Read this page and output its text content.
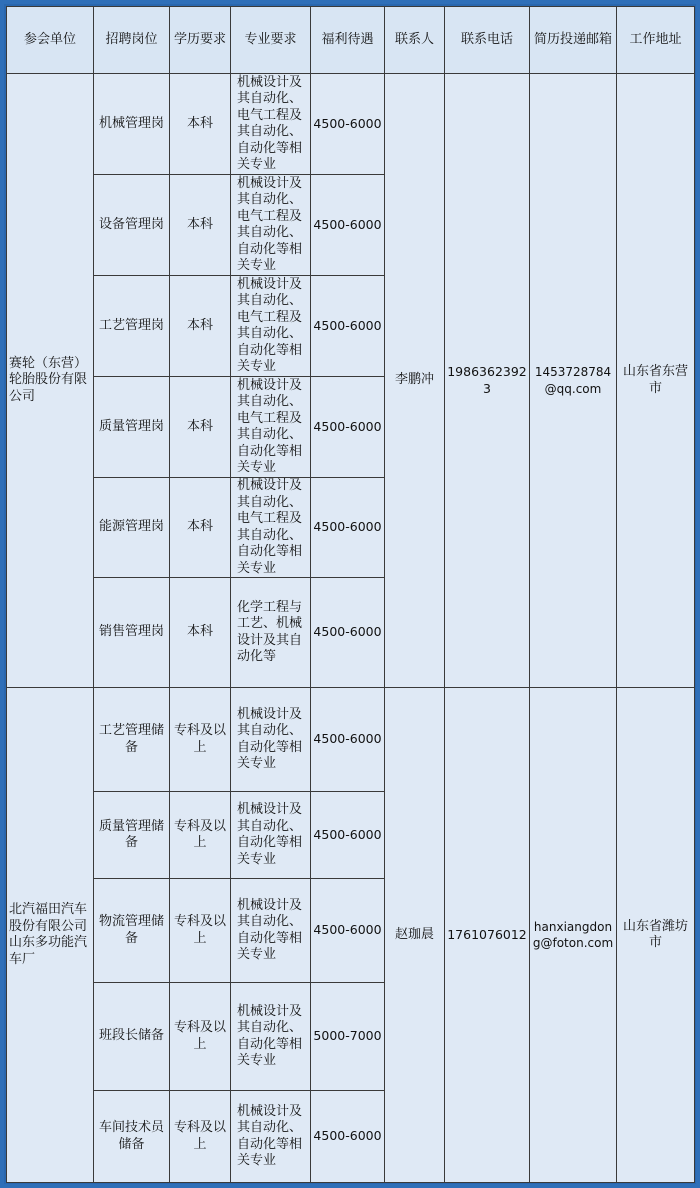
参会单位	招聘岗位	学历要求	专业要求	福利待遇	联系人	联系电话	简历投递邮箱	工作地址
赛轮（东营）轮胎股份有限公司	机械管理岗	本科	机械设计及其自动化、电气工程及其自动化、自动化等相关专业	4500-6000	李鹏冲	19863623923	1453728784@qq.com	山东省东营市
	设备管理岗	本科	机械设计及其自动化、电气工程及其自动化、自动化等相关专业	4500-6000				
	工艺管理岗	本科	机械设计及其自动化、电气工程及其自动化、自动化等相关专业	4500-6000				
	质量管理岗	本科	机械设计及其自动化、电气工程及其自动化、自动化等相关专业	4500-6000				
	能源管理岗	本科	机械设计及其自动化、电气工程及其自动化、自动化等相关专业	4500-6000				
	销售管理岗	本科	化学工程与工艺、机械设计及其自动化等	4500-6000				
北汽福田汽车股份有限公司山东多功能汽车厂	工艺管理储备	专科及以上	机械设计及其自动化、自动化等相关专业	4500-6000	赵珈晨	1761076012	hanxiangdong@foton.com	山东省潍坊市
	质量管理储备	专科及以上	机械设计及其自动化、自动化等相关专业	4500-6000				
	物流管理储备	专科及以上	机械设计及其自动化、自动化等相关专业	4500-6000				
	班段长储备	专科及以上	机械设计及其自动化、自动化等相关专业	5000-7000				
	车间技术员储备	专科及以上	机械设计及其自动化、自动化等相关专业	4500-6000				
